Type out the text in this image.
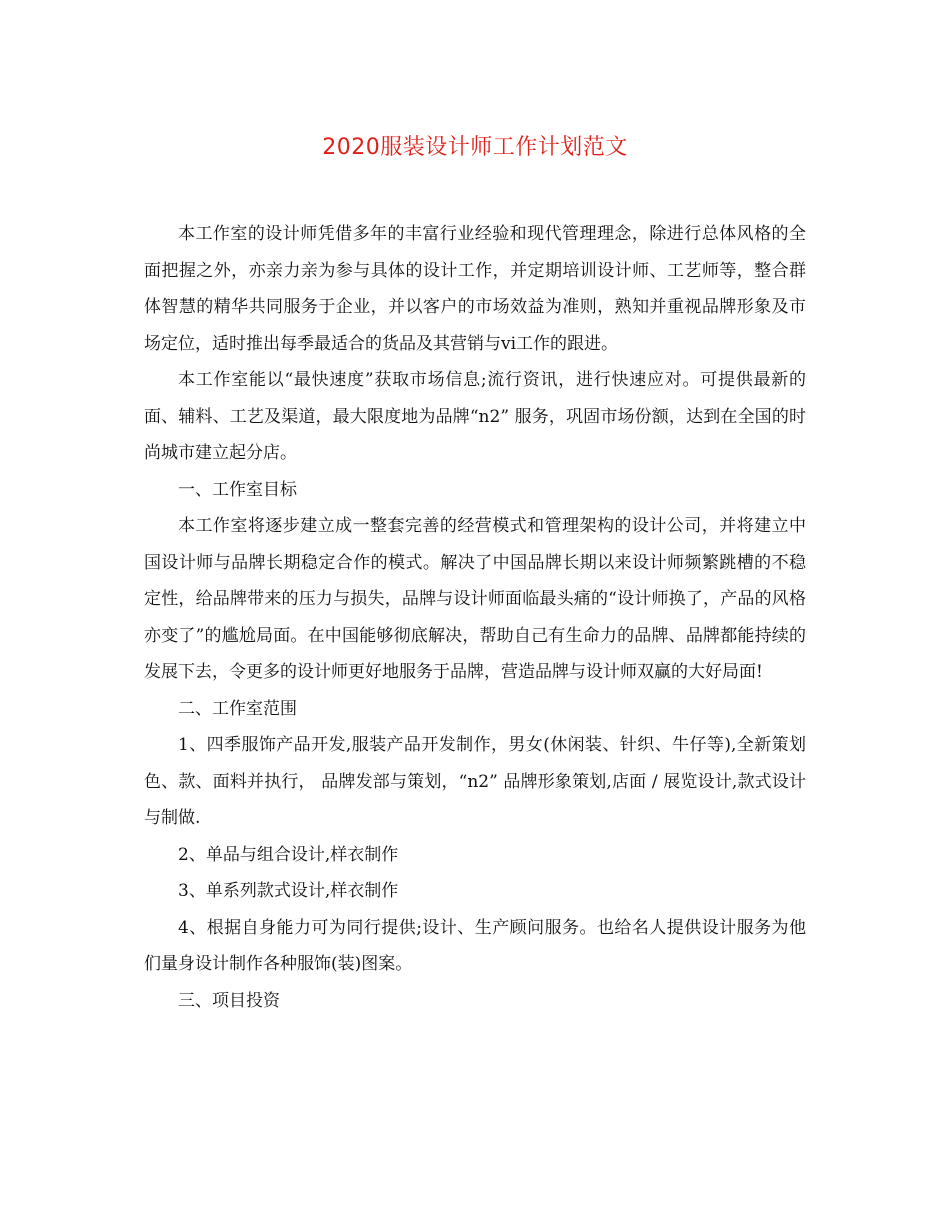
2020服装设计师工作计划范文

本工作室的设计师凭借多年的丰富行业经验和现代管理理念，除进行总体风格的全面把握之外，亦亲力亲为参与具体的设计工作，并定期培训设计师、工艺师等，整合群体智慧的精华共同服务于企业，并以客户的市场效益为准则，熟知并重视品牌形象及市场定位，适时推出每季最适合的货品及其营销与vi工作的跟进。

本工作室能以“最快速度”获取市场信息;流行资讯，进行快速应对。可提供最新的面、辅料、工艺及渠道，最大限度地为品牌“n2” 服务，巩固市场份额，达到在全国的时尚城市建立起分店。

一、工作室目标

本工作室将逐步建立成一整套完善的经营模式和管理架构的设计公司，并将建立中国设计师与品牌长期稳定合作的模式。解决了中国品牌长期以来设计师频繁跳槽的不稳定性，给品牌带来的压力与损失，品牌与设计师面临最头痛的“设计师换了，产品的风格亦变了”的尴尬局面。在中国能够彻底解决，帮助自己有生命力的品牌、品牌都能持续的发展下去，令更多的设计师更好地服务于品牌，营造品牌与设计师双赢的大好局面!

二、工作室范围

1、四季服饰产品开发,服装产品开发制作，男女(休闲装、针织、牛仔等),全新策划色、款、面料并执行， 品牌发部与策划，“n2” 品牌形象策划,店面 / 展览设计,款式设计与制做.

2、单品与组合设计,样衣制作

3、单系列款式设计,样衣制作

4、根据自身能力可为同行提供;设计、生产顾问服务。也给名人提供设计服务为他们量身设计制作各种服饰(装)图案。

三、项目投资
